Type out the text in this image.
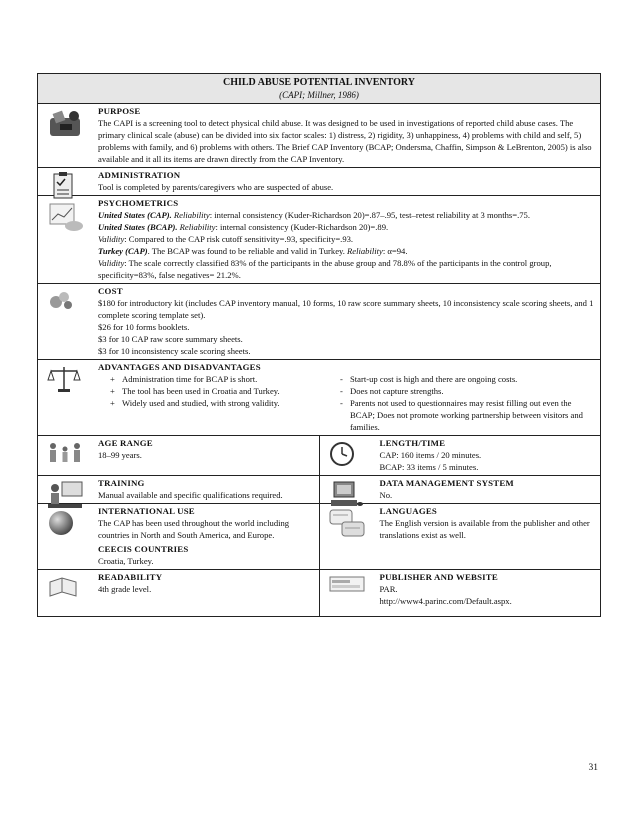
CHILD ABUSE POTENTIAL INVENTORY
(CAPI; Millner, 1986)
PURPOSE
The CAPI is a screening tool to detect physical child abuse. It was designed to be used in investigations of reported child abuse cases. The primary clinical scale (abuse) can be divided into six factor scales: 1) distress, 2) rigidity, 3) unhappiness, 4) problems with child and self, 5) problems with family, and 6) problems with others. The Brief CAP Inventory (BCAP; Ondersma, Chaffin, Simpson & LeBrenton, 2005) is also available and it all its items are drawn directly from the CAP Inventory.
ADMINISTRATION
Tool is completed by parents/caregivers who are suspected of abuse.
PSYCHOMETRICS
United States (CAP). Reliability: internal consistency (Kuder-Richardson 20)=.87–.95, test–retest reliability at 3 months=.75.
United States (BCAP). Reliability: internal consistency (Kuder-Richardson 20)=.89.
Validity: Compared to the CAP risk cutoff sensitivity=.93, specificity=.93.
Turkey (CAP). The BCAP was found to be reliable and valid in Turkey. Reliability: α=94.
Validity: The scale correctly classified 83% of the participants in the abuse group and 78.8% of the participants in the control group, specificity=83%, false negatives= 21.2%.
COST
$180 for introductory kit (includes CAP inventory manual, 10 forms, 10 raw score summary sheets, 10 inconsistency scale scoring sheets, and 1 complete scoring template set).
$26 for 10 forms booklets.
$3 for 10 CAP raw score summary sheets.
$3 for 10 inconsistency scale scoring sheets.
ADVANTAGES AND DISADVANTAGES
+ Administration time for BCAP is short.
+ The tool has been used in Croatia and Turkey.
+ Widely used and studied, with strong validity.
- Start-up cost is high and there are ongoing costs.
- Does not capture strengths.
- Parents not used to questionnaires may resist filling out even the BCAP; Does not promote working partnership between visitors and families.
AGE RANGE
18–99 years.
LENGTH/TIME
CAP: 160 items / 20 minutes.
BCAP: 33 items / 5 minutes.
TRAINING
Manual available and specific qualifications required.
DATA MANAGEMENT SYSTEM
No.
INTERNATIONAL USE
The CAP has been used throughout the world including countries in North and South America, and Europe.
CEECIS COUNTRIES
Croatia, Turkey.
LANGUAGES
The English version is available from the publisher and other translations exist as well.
READABILITY
4th grade level.
PUBLISHER AND WEBSITE
PAR.
http://www4.parinc.com/Default.aspx.
31
